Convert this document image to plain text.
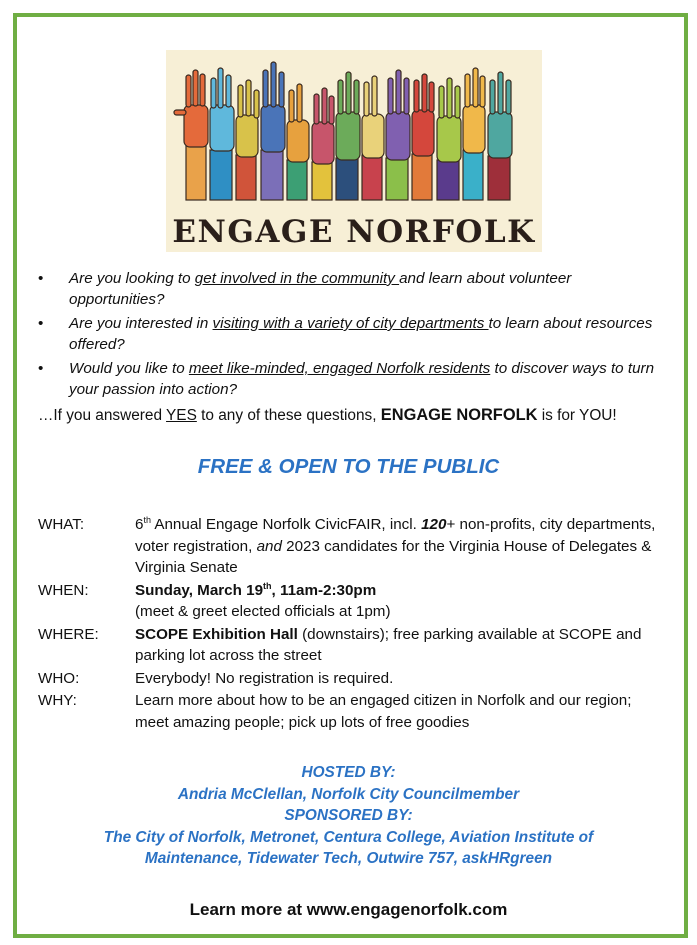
ENGAGE NORFOLK
• Are you looking to get involved in the community and learn about volunteer opportunities?
• Are you interested in visiting with a variety of city departments to learn about resources offered?
• Would you like to meet like-minded, engaged Norfolk residents to discover ways to turn your passion into action?
…If you answered YES to any of these questions, ENGAGE NORFOLK is for YOU!
FREE & OPEN TO THE PUBLIC
WHAT:	6th Annual Engage Norfolk CivicFAIR, incl. 120+ non-profits, city departments, voter registration, and 2023 candidates for the Virginia House of Delegates & Virginia Senate
WHEN:	Sunday, March 19th, 11am-2:30pm
(meet & greet elected officials at 1pm)
WHERE:	SCOPE Exhibition Hall (downstairs); free parking available at SCOPE and parking lot across the street
WHO:	Everybody! No registration is required.
WHY:	Learn more about how to be an engaged citizen in Norfolk and our region; meet amazing people; pick up lots of free goodies
HOSTED BY:
Andria McClellan, Norfolk City Councilmember
SPONSORED BY:
The City of Norfolk, Metronet, Centura College, Aviation Institute of
Maintenance, Tidewater Tech, Outwire 757, askHRgreen
Learn more at www.engagenorfolk.com
